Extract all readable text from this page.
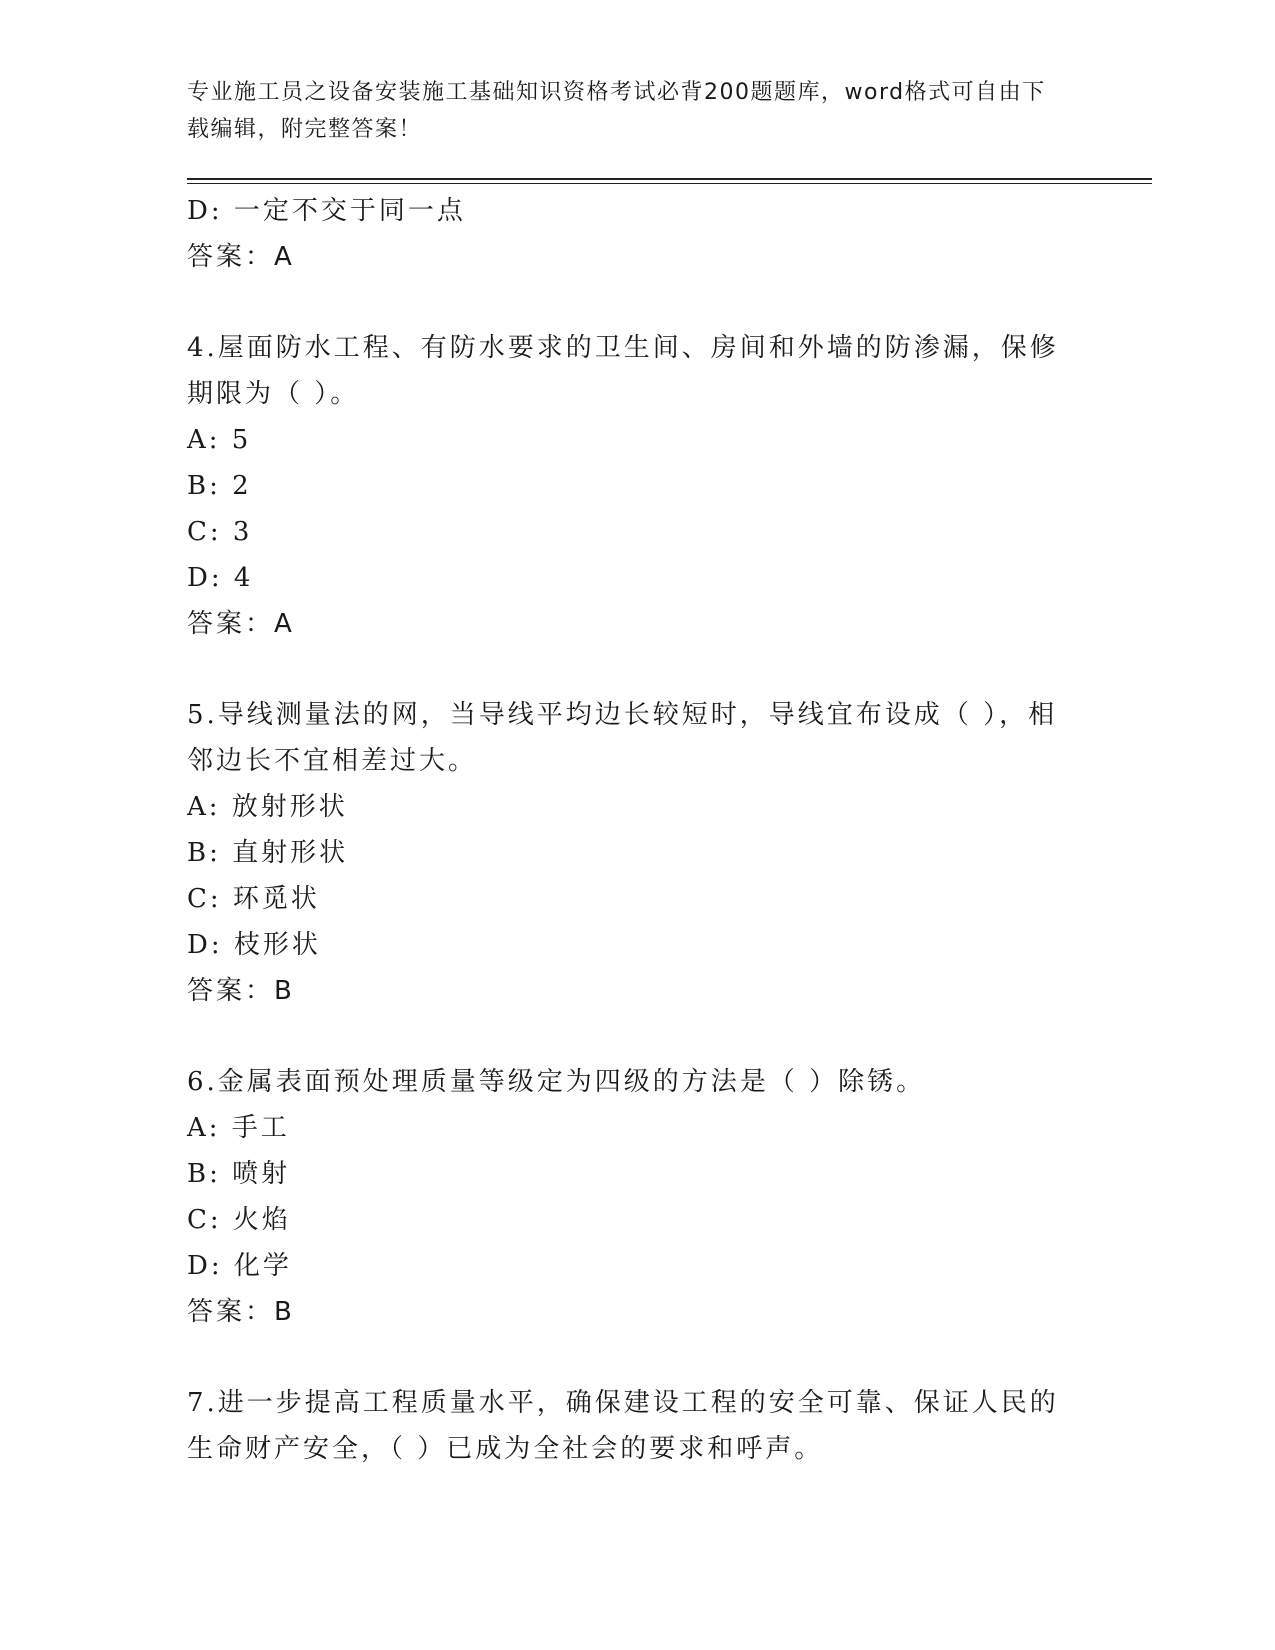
专业施工员之设备安装施工基础知识资格考试必背200题题库，word格式可自由下载编辑，附完整答案！

D: 一定不交于同一点

答案：A

4.屋面防水工程、有防水要求的卫生间、房间和外墙的防渗漏，保修

期限为（ ）。

A: 5

B: 2

C: 3

D: 4

答案：A

5.导线测量法的网，当导线平均边长较短时，导线宜布设成（ ），相

邻边长不宜相差过大。

A: 放射形状

B: 直射形状

C: 环觅状

D: 枝形状

答案：B

6.金属表面预处理质量等级定为四级的方法是（ ）除锈。

A: 手工

B: 喷射

C: 火焰

D: 化学

答案：B

7.进一步提高工程质量水平，确保建设工程的安全可靠、保证人民的

生命财产安全，（ ）已成为全社会的要求和呼声。
